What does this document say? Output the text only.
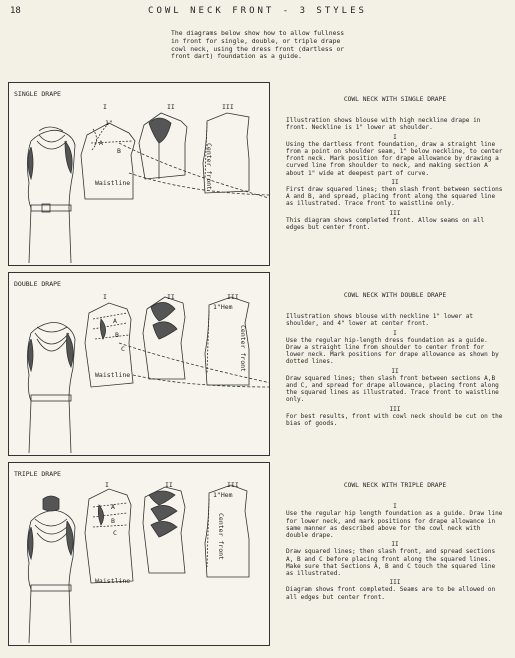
18	COWL NECK FRONT - 3 STYLES
The diagrams below show how to allow fullness in front for single, double, or triple drape cowl neck, using the dress front (dartless or front dart) foundation as a guide.
SINGLE DRAPE
I	II	III
1"
A
B
Waistline	Center front
DOUBLE DRAPE
I	II	III
1"Hem
A
B
C
Waistline
Center front
TRIPLE DRAPE
I	II	III
1"Hem
A
B
C
Waistline
Center front
COWL NECK WITH SINGLE DRAPE

Illustration shows blouse with high neckline drape in front. Neckline is 1" lower at shoulder.

I

Using the dartless front foundation, draw a straight line from a point on shoulder seam, 1" below neckline, to center front neck. Mark position for drape allowance by drawing a curved line from shoulder to neck, and making section A about 1" wide at deepest part of curve.

II

First draw squared lines; then slash front between sections A and B, and spread, placing front along the squared line as illustrated. Trace front to waistline only.

III

This diagram shows completed front. Allow seams on all edges but center front.

COWL NECK WITH DOUBLE DRAPE

Illustration shows blouse with neckline 1" lower at shoulder, and 4" lower at center front.

I

Use the regular hip-length dress foundation as a guide. Draw a straight line from shoulder to center front for lower neck. Mark positions for drape allowance as shown by dotted lines.

II

Draw squared lines; then slash front between sections A,B and C, and spread for drape allowance, placing front along the squared lines as illustrated. Trace front to waistline only.

III

For best results, front with cowl neck should be cut on the bias of goods.

COWL NECK WITH TRIPLE DRAPE
I

Use the regular hip length foundation as a guide. Draw line for lower neck, and mark positions for drape allowance in same manner as described above for the cowl neck with double drape.

II

Draw squared lines; then slash front, and spread sections A, B and C before placing front along the squared lines. Make sure that Sections A, B and C touch the squared line as illustrated.

III

Diagram shows front completed. Seams are to be allowed on all edges but center front.
